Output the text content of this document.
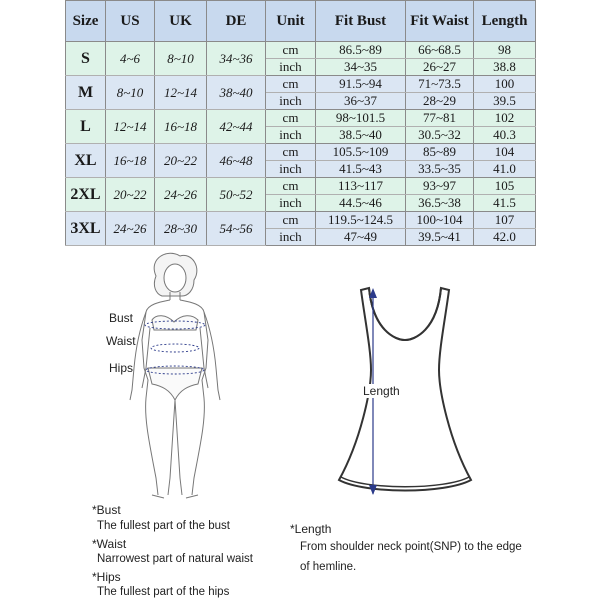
Size	US	UK	DE	Unit	Fit Bust	Fit Waist	Length
S	4~6	8~10	34~36	cm	86.5~89	66~68.5	98
				inch	34~35	26~27	38.8
M	8~10	12~14	38~40	cm	91.5~94	71~73.5	100
				inch	36~37	28~29	39.5
L	12~14	16~18	42~44	cm	98~101.5	77~81	102
				inch	38.5~40	30.5~32	40.3
XL	16~18	20~22	46~48	cm	105.5~109	85~89	104
				inch	41.5~43	33.5~35	41.0
2XL	20~22	24~26	50~52	cm	113~117	93~97	105
				inch	44.5~46	36.5~38	41.5
3XL	24~26	28~30	54~56	cm	119.5~124.5	100~104	107
				inch	47~49	39.5~41	42.0
Bust
Waist
Hips
Length
*Bust
The fullest part of the bust
*Waist
Narrowest part of natural waist
*Hips
The fullest part of the hips
*Length
From shoulder neck point(SNP) to the edge
of hemline.
